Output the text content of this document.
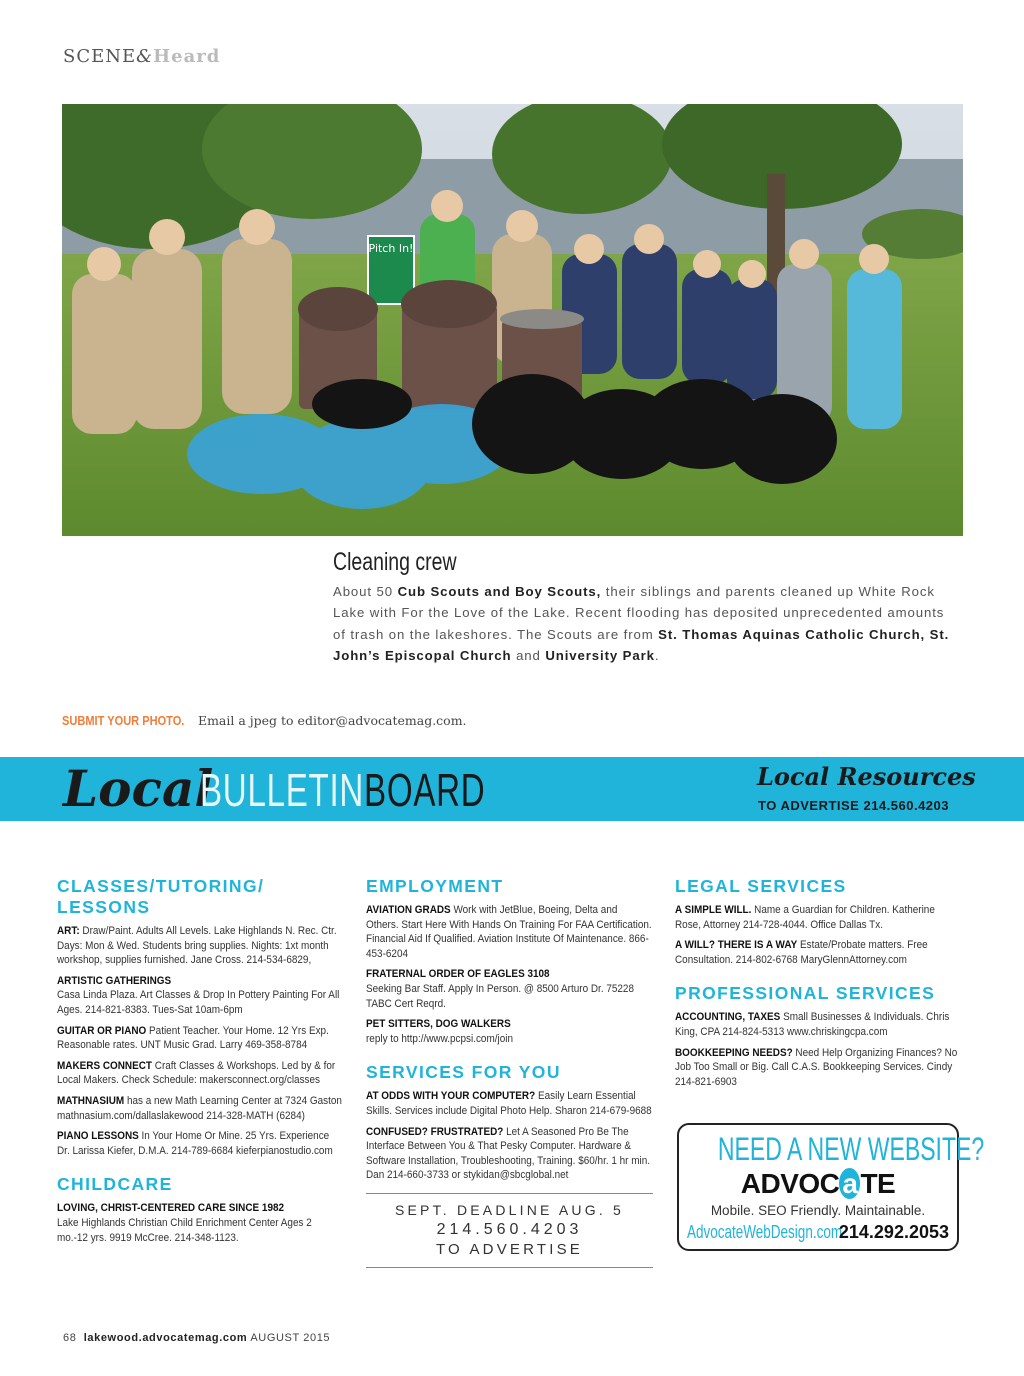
SCENE&Heard
Pitch In!
Cleaning crew
About 50 Cub Scouts and Boy Scouts, their siblings and parents cleaned up White Rock Lake with For the Love of the Lake. Recent flooding has deposited unprecedented amounts of trash on the lakeshores. The Scouts are from St. Thomas Aquinas Catholic Church, St. John’s Episcopal Church and University Park.
SUBMIT YOUR PHOTO. Email a jpeg to editor@advocatemag.com.
Local
BULLETINBOARD	Local Resources
TO ADVERTISE 214.560.4203
CLASSES/TUTORING/ LESSONS
ART: Draw/Paint. Adults All Levels. Lake Highlands N. Rec. Ctr. Days: Mon & Wed. Students bring supplies. Nights: 1xt month workshop, supplies furnished. Jane Cross. 214-534-6829,
ARTISTIC GATHERINGS
Casa Linda Plaza. Art Classes & Drop In Pottery Painting For All Ages. 214-821-8383. Tues-Sat 10am-6pm
GUITAR OR PIANO Patient Teacher. Your Home. 12 Yrs Exp. Reasonable rates. UNT Music Grad. Larry 469-358-8784
MAKERS CONNECT Craft Classes & Workshops. Led by & for Local Makers. Check Schedule: makersconnect.org/classes
MATHNASIUM has a new Math Learning Center at 7324 Gaston mathnasium.com/dallaslakewood 214-328-MATH (6284)
PIANO LESSONS In Your Home Or Mine. 25 Yrs. Experience Dr. Larissa Kiefer, D.M.A. 214-789-6684 kieferpianostudio.com
CHILDCARE
LOVING, CHRIST-CENTERED CARE SINCE 1982
Lake Highlands Christian Child Enrichment Center Ages 2 mo.-12 yrs. 9919 McCree. 214-348-1123.
EMPLOYMENT
AVIATION GRADS Work with JetBlue, Boeing, Delta and Others. Start Here With Hands On Training For FAA Certification. Financial Aid If Qualified. Aviation Institute Of Maintenance. 866-453-6204
FRATERNAL ORDER OF EAGLES 3108
Seeking Bar Staff. Apply In Person. @ 8500 Arturo Dr. 75228 TABC Cert Reqrd.
PET SITTERS, DOG WALKERS
reply to http://www.pcpsi.com/join
SERVICES FOR YOU
AT ODDS WITH YOUR COMPUTER? Easily Learn Essential Skills. Services include Digital Photo Help. Sharon 214-679-9688
CONFUSED? FRUSTRATED? Let A Seasoned Pro Be The Interface Between You & That Pesky Computer. Hardware & Software Installation, Troubleshooting, Training. $60/hr. 1 hr min. Dan 214-660-3733 or stykidan@sbcglobal.net
LEGAL SERVICES
A SIMPLE WILL. Name a Guardian for Children. Katherine Rose, Attorney 214-728-4044. Office Dallas Tx.
A WILL? THERE IS A WAY Estate/Probate matters. Free Consultation. 214-802-6768 MaryGlennAttorney.com
PROFESSIONAL SERVICES
ACCOUNTING, TAXES Small Businesses & Individuals. Chris King, CPA 214-824-5313 www.chriskingcpa.com
BOOKKEEPING NEEDS? Need Help Organizing Finances? No Job Too Small or Big. Call C.A.S. Bookkeeping Services. Cindy 214-821-6903
SEPT. DEADLINE AUG. 5
214.560.4203
TO ADVERTISE
NEED A NEW WEBSITE?
ADVOC a TE
Mobile. SEO Friendly. Maintainable.
AdvocateWebDesign.com
214.292.2053
68 lakewood.advocatemag.com AUGUST 2015
